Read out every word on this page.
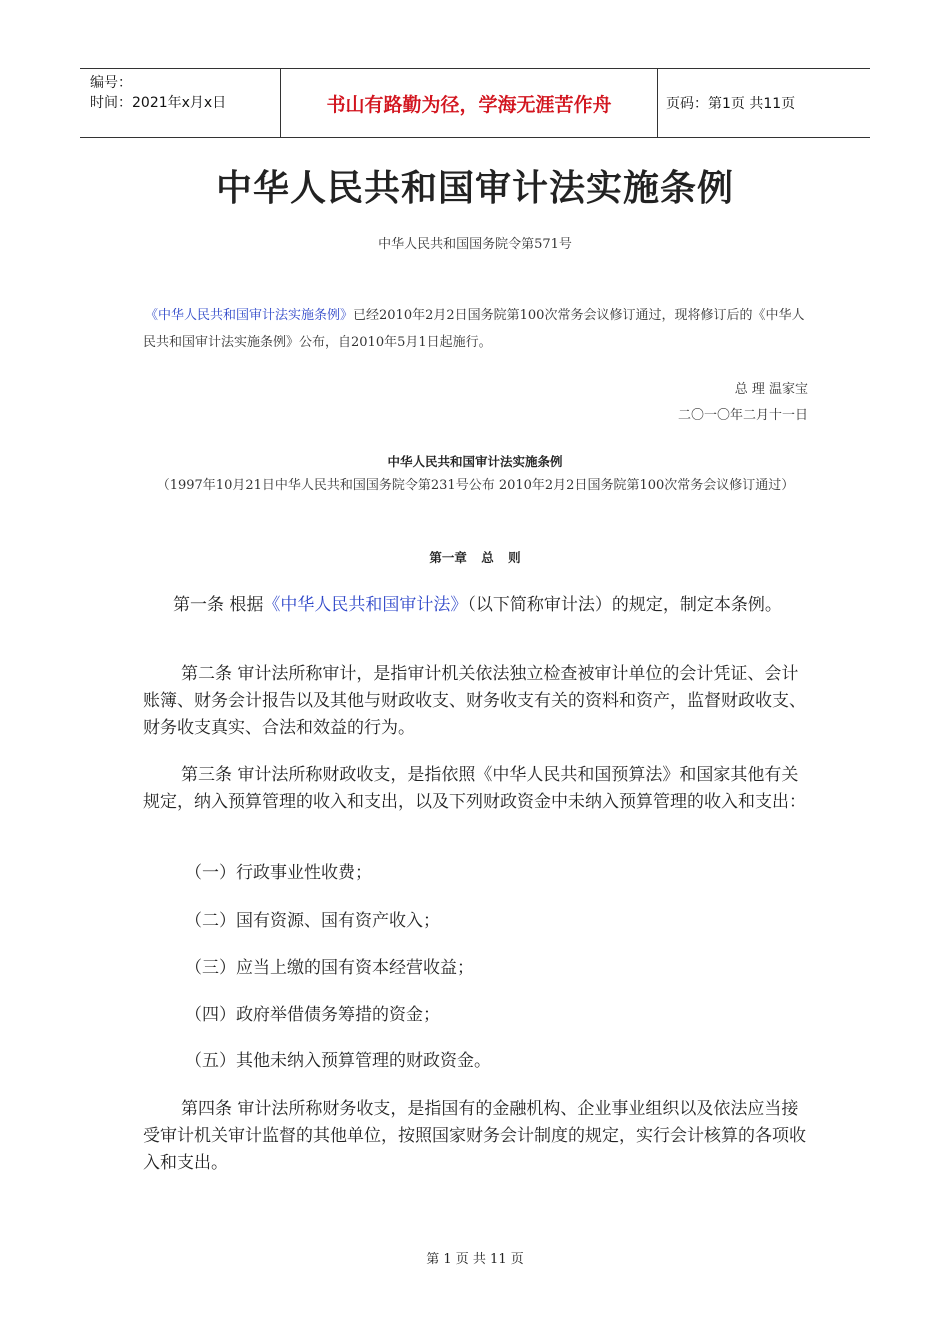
编号：
时间：2021年x月x日	书山有路勤为径，学海无涯苦作舟	页码：第1页 共11页
中华人民共和国审计法实施条例
中华人民共和国国务院令第571号
《中华人民共和国审计法实施条例》已经2010年2月2日国务院第100次常务会议修订通过，现将修订后的《中华人民共和国审计法实施条例》公布，自2010年5月1日起施行。
总 理 温家宝
二〇一〇年二月十一日
中华人民共和国审计法实施条例
（1997年10月21日中华人民共和国国务院令第231号公布 2010年2月2日国务院第100次常务会议修订通过）
第一章 总 则
第一条 根据《中华人民共和国审计法》（以下简称审计法）的规定，制定本条例。
第二条 审计法所称审计，是指审计机关依法独立检查被审计单位的会计凭证、会计账簿、财务会计报告以及其他与财政收支、财务收支有关的资料和资产，监督财政收支、财务收支真实、合法和效益的行为。
第三条 审计法所称财政收支，是指依照《中华人民共和国预算法》和国家其他有关规定，纳入预算管理的收入和支出，以及下列财政资金中未纳入预算管理的收入和支出：
（一）行政事业性收费；
（二）国有资源、国有资产收入；
（三）应当上缴的国有资本经营收益；
（四）政府举借债务筹措的资金；
（五）其他未纳入预算管理的财政资金。
第四条 审计法所称财务收支，是指国有的金融机构、企业事业组织以及依法应当接受审计机关审计监督的其他单位，按照国家财务会计制度的规定，实行会计核算的各项收入和支出。
第 1 页 共 11 页
